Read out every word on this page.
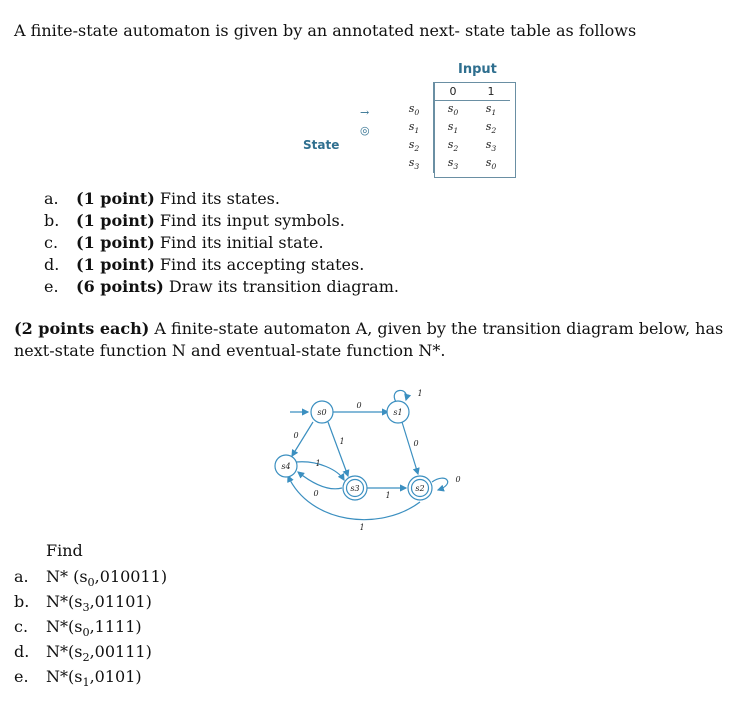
A finite-state automaton is given by an annotated next- state table as follows
Input
State
→
◎
	0	1
$s_0$	$s_0$	$s_1$
$s_1$	$s_1$	$s_2$
$s_2$	$s_2$	$s_3$
$s_3$	$s_3$	$s_0$
a.	(1 point) Find its states.
b.	(1 point) Find its input symbols.
c.	(1 point) Find its initial state.
d.	(1 point) Find its accepting states.
e.	(6 points) Draw its transition diagram.
(2 points each) A finite-state automaton A, given by the transition diagram below, has next-state function N and eventual-state function N*.
s0	s1
s2
s3
s4
0
1
0
0
1
1
0
0
1
1
Find
a.	N* $(s_0,010011)$
b.	$N*(s_3,01101)$
c.	$N*(s_0,1111)$
d.	$N*(s_2,00111)$
e.	$N*(s_1,0101)$
